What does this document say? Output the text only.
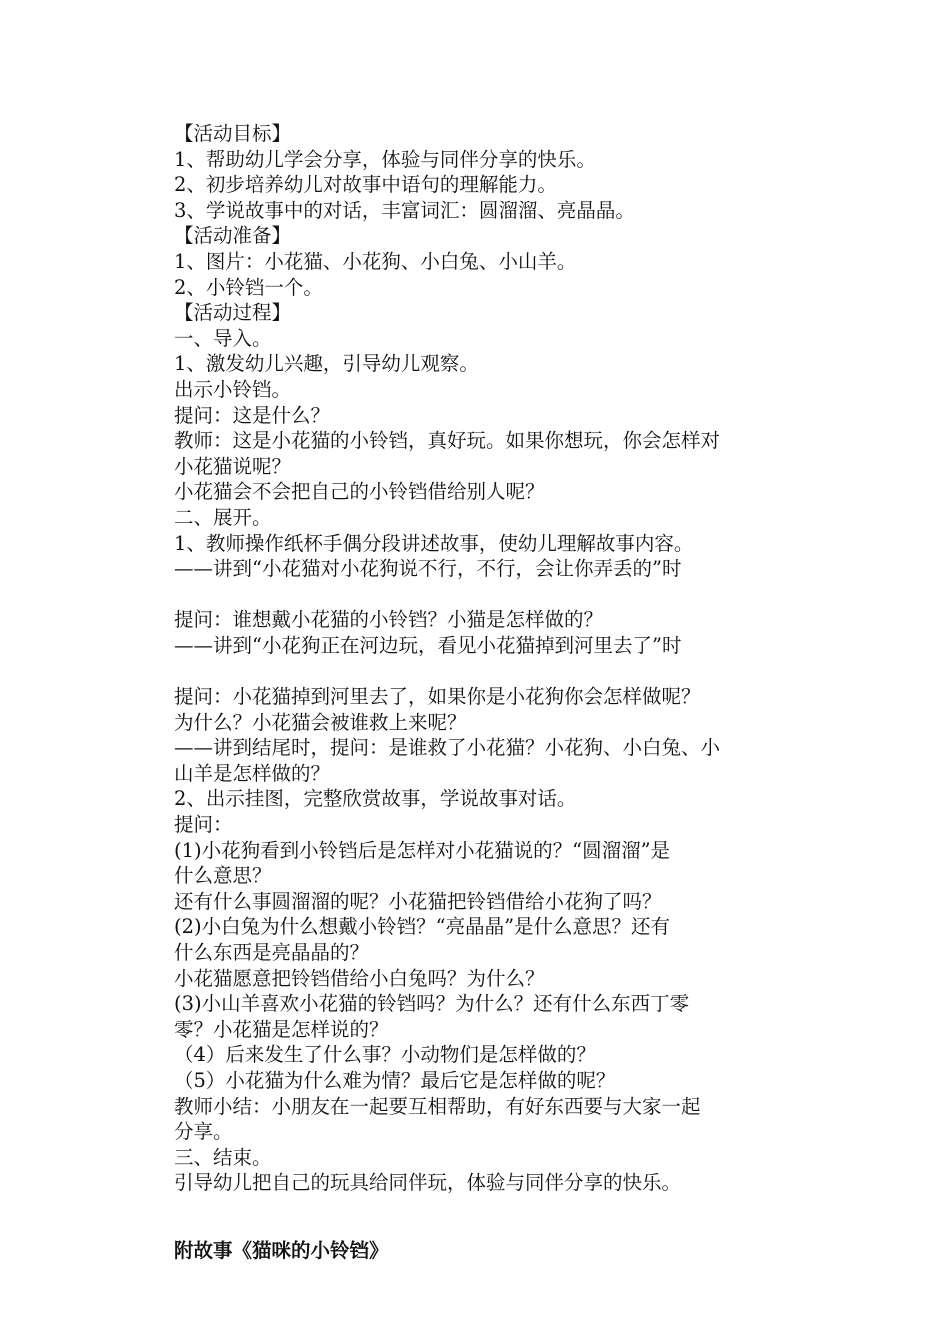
【活动目标】
1、帮助幼儿学会分享，体验与同伴分享的快乐。
2、初步培养幼儿对故事中语句的理解能力。
3、学说故事中的对话，丰富词汇：圆溜溜、亮晶晶。
【活动准备】
1、图片：小花猫、小花狗、小白兔、小山羊。
2、小铃铛一个。
【活动过程】
一、导入。
1、激发幼儿兴趣，引导幼儿观察。
出示小铃铛。
提问：这是什么？
教师：这是小花猫的小铃铛，真好玩。如果你想玩，你会怎样对
小花猫说呢？
小花猫会不会把自己的小铃铛借给别人呢？
二、展开。
1、教师操作纸杯手偶分段讲述故事，使幼儿理解故事内容。
——讲到“小花猫对小花狗说不行，不行，会让你弄丢的”时
提问：谁想戴小花猫的小铃铛？小猫是怎样做的？
——讲到“小花狗正在河边玩，看见小花猫掉到河里去了”时
提问：小花猫掉到河里去了，如果你是小花狗你会怎样做呢？
为什么？小花猫会被谁救上来呢？
——讲到结尾时，提问：是谁救了小花猫？小花狗、小白兔、小
山羊是怎样做的？
2、出示挂图，完整欣赏故事，学说故事对话。
提问：
(1)小花狗看到小铃铛后是怎样对小花猫说的？“圆溜溜”是
什么意思？
还有什么事圆溜溜的呢？小花猫把铃铛借给小花狗了吗？
(2)小白兔为什么想戴小铃铛？“亮晶晶”是什么意思？还有
什么东西是亮晶晶的？
小花猫愿意把铃铛借给小白兔吗？为什么？
(3)小山羊喜欢小花猫的铃铛吗？为什么？还有什么东西丁零
零？小花猫是怎样说的？
（4）后来发生了什么事？小动物们是怎样做的？
（5）小花猫为什么难为情？最后它是怎样做的呢？
教师小结：小朋友在一起要互相帮助，有好东西要与大家一起
分享。
三、结束。
引导幼儿把自己的玩具给同伴玩，体验与同伴分享的快乐。
附故事《猫咪的小铃铛》
